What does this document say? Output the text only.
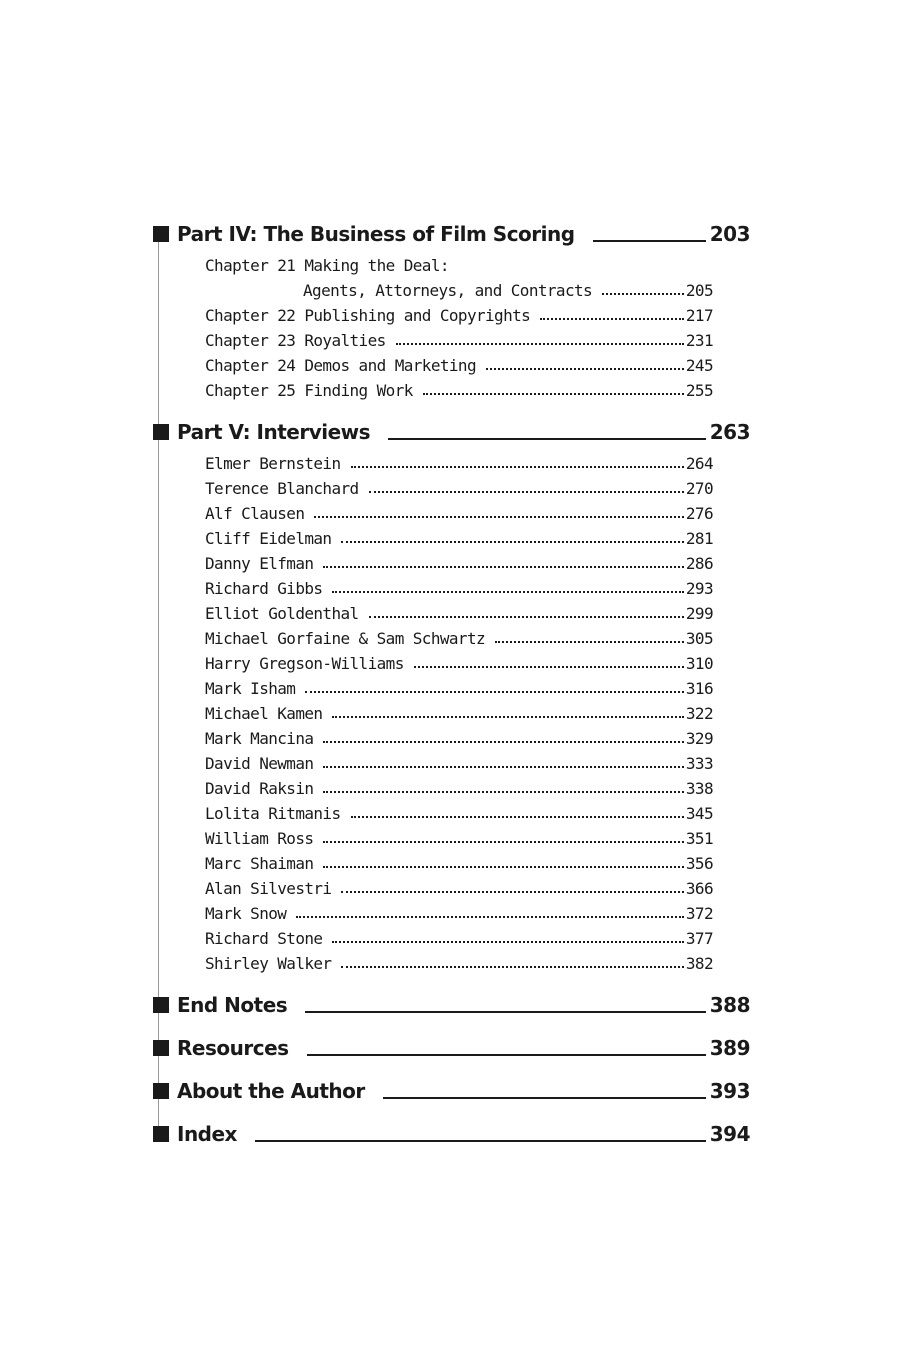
Part IV: The Business of Film Scoring	203
Chapter 21 Making the Deal:
Agents, Attorneys, and Contracts	205
Chapter 22 Publishing and Copyrights	217
Chapter 23 Royalties	231
Chapter 24 Demos and Marketing	245
Chapter 25 Finding Work	255
Part V: Interviews	263
Elmer Bernstein	264
Terence Blanchard	270
Alf Clausen	276
Cliff Eidelman	281
Danny Elfman	286
Richard Gibbs	293
Elliot Goldenthal	299
Michael Gorfaine & Sam Schwartz	305
Harry Gregson-Williams	310
Mark Isham	316
Michael Kamen	322
Mark Mancina	329
David Newman	333
David Raksin	338
Lolita Ritmanis	345
William Ross	351
Marc Shaiman	356
Alan Silvestri	366
Mark Snow	372
Richard Stone	377
Shirley Walker	382
End Notes	388
Resources	389
About the Author	393
Index	394
